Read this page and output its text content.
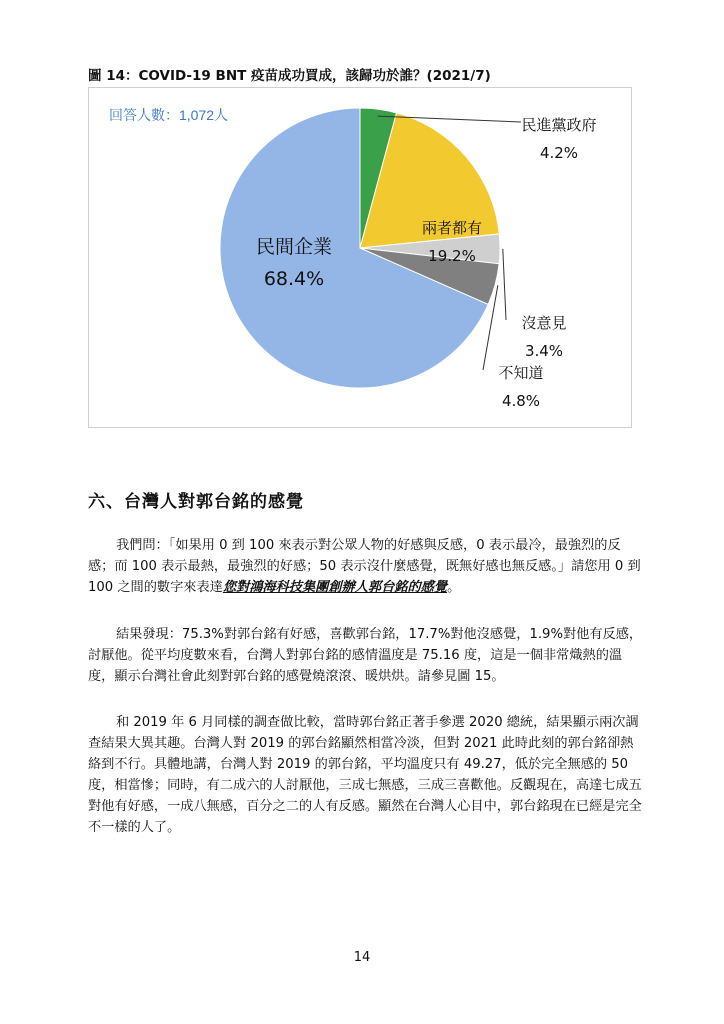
圖 14：COVID-19 BNT 疫苗成功買成，該歸功於誰？(2021/7)
回答人數：1,072人
民進黨政府
4.2%
兩者都有
19.2%
沒意見
3.4%
不知道
4.8%
民間企業
68.4%
六、台灣人對郭台銘的感覺

我們問：「如果用 0 到 100 來表示對公眾人物的好感與反感，0 表示最冷，最強烈的反感；而 100 表示最熱，最強烈的好感；50 表示沒什麼感覺，既無好感也無反感。」請您用 0 到 100 之間的數字來表達您對鴻海科技集團創辦人郭台銘的感覺。

結果發現：75.3%對郭台銘有好感，喜歡郭台銘，17.7%對他沒感覺，1.9%對他有反感，討厭他。從平均度數來看，台灣人對郭台銘的感情溫度是 75.16 度，這是一個非常熾熱的溫度，顯示台灣社會此刻對郭台銘的感覺燒滾滾、暖烘烘。請參見圖 15。

和 2019 年 6 月同樣的調查做比較，當時郭台銘正著手參選 2020 總統，結果顯示兩次調查結果大異其趣。台灣人對 2019 的郭台銘顯然相當冷淡，但對 2021 此時此刻的郭台銘卻熱絡到不行。具體地講，台灣人對 2019 的郭台銘，平均溫度只有 49.27，低於完全無感的 50 度，相當慘；同時，有二成六的人討厭他，三成七無感，三成三喜歡他。反觀現在，高達七成五對他有好感，一成八無感，百分之二的人有反感。顯然在台灣人心目中，郭台銘現在已經是完全不一樣的人了。

14
